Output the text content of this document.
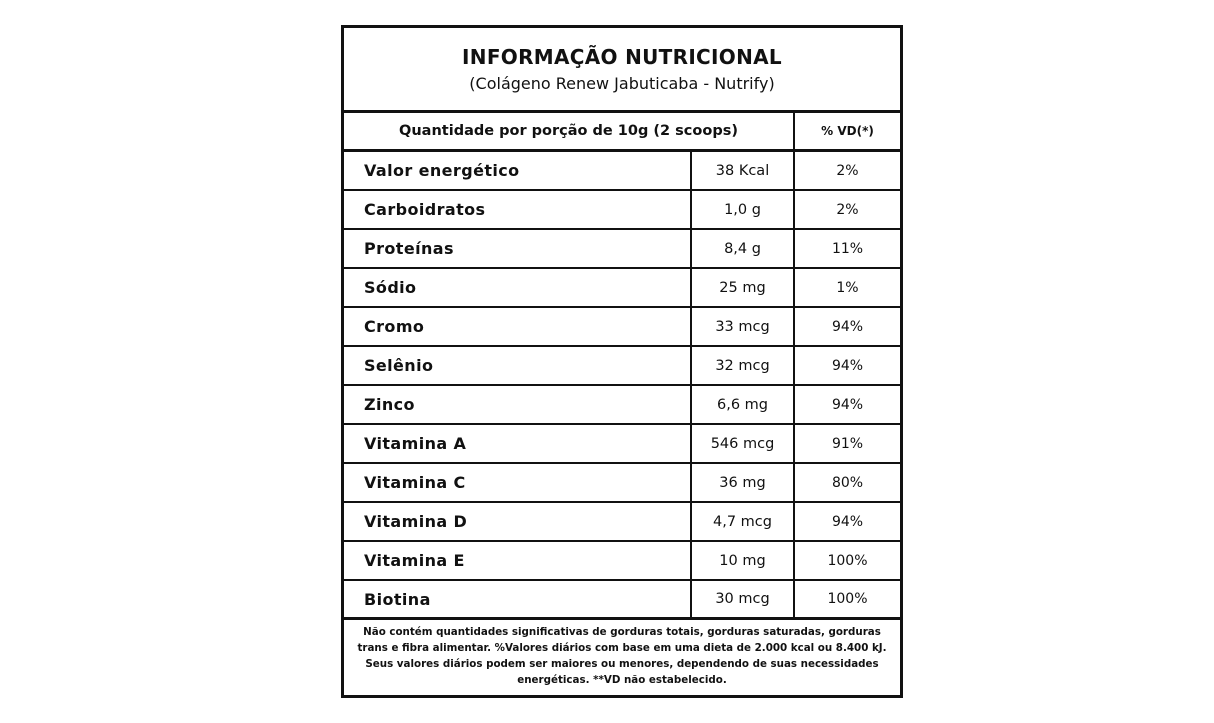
INFORMAÇÃO NUTRICIONAL
(Colágeno Renew Jabuticaba - Nutrify)
Quantidade por porção de 10g (2 scoops)	% VD(*)
Valor energético	38 Kcal	2%
Carboidratos	1,0 g	2%
Proteínas	8,4 g	11%
Sódio	25 mg	1%
Cromo	33 mcg	94%
Selênio	32 mcg	94%
Zinco	6,6 mg	94%
Vitamina A	546 mcg	91%
Vitamina C	36 mg	80%
Vitamina D	4,7 mcg	94%
Vitamina E	10 mg	100%
Biotina	30 mcg	100%
Não contém quantidades significativas de gorduras totais, gorduras saturadas, gorduras trans e fibra alimentar. %Valores diários com base em uma dieta de 2.000 kcal ou 8.400 kJ. Seus valores diários podem ser maiores ou menores, dependendo de suas necessidades energéticas. **VD não estabelecido.
